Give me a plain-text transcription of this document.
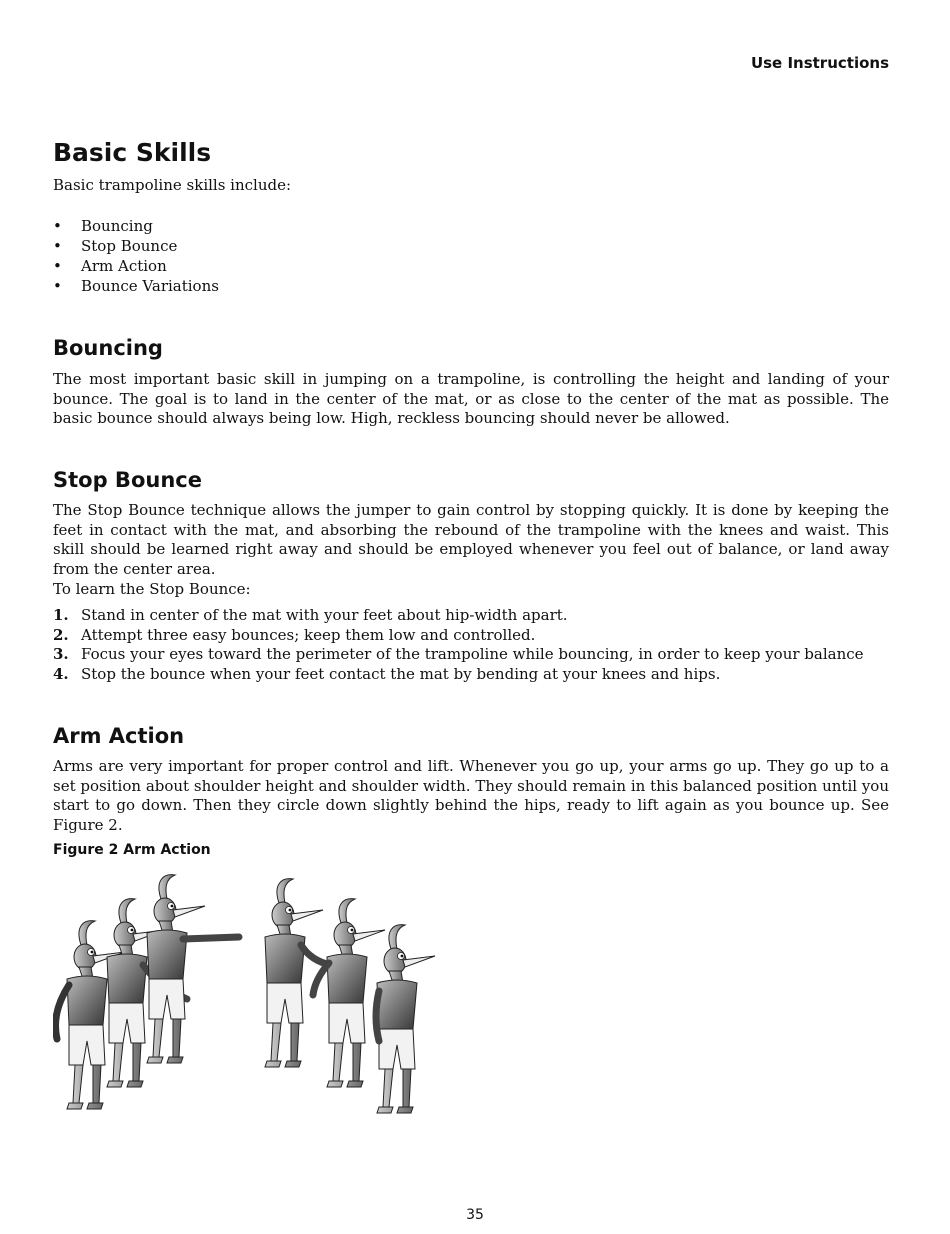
Use Instructions
Basic Skills

Basic trampoline skills include:

• Bouncing
• Stop Bounce
• Arm Action
• Bounce Variations
Bouncing

The most important basic skill in jumping on a trampoline, is controlling the height and landing of your bounce. The goal is to land in the center of the mat, or as close to the center of the mat as possible. The basic bounce should always being low. High, reckless bouncing should never be allowed.

Stop Bounce

The Stop Bounce technique allows the jumper to gain control by stopping quickly. It is done by keeping the feet in contact with the mat, and absorbing the rebound of the trampoline with the knees and waist. This skill should be learned right away and should be employed whenever you feel out of balance, or land away from the center area.

To learn the Stop Bounce:

1. Stand in center of the mat with your feet about hip-width apart.
2. Attempt three easy bounces; keep them low and controlled.
3. Focus your eyes toward the perimeter of the trampoline while bouncing, in order to keep your balance
4. Stop the bounce when your feet contact the mat by bending at your knees and hips.
Arm Action

Arms are very important for proper control and lift. Whenever you go up, your arms go up. They go up to a set position about shoulder height and shoulder width. They should remain in this balanced position until you start to go down. Then they circle down slightly behind the hips, ready to lift again as you bounce up. See Figure 2.

Figure 2 Arm Action
35
